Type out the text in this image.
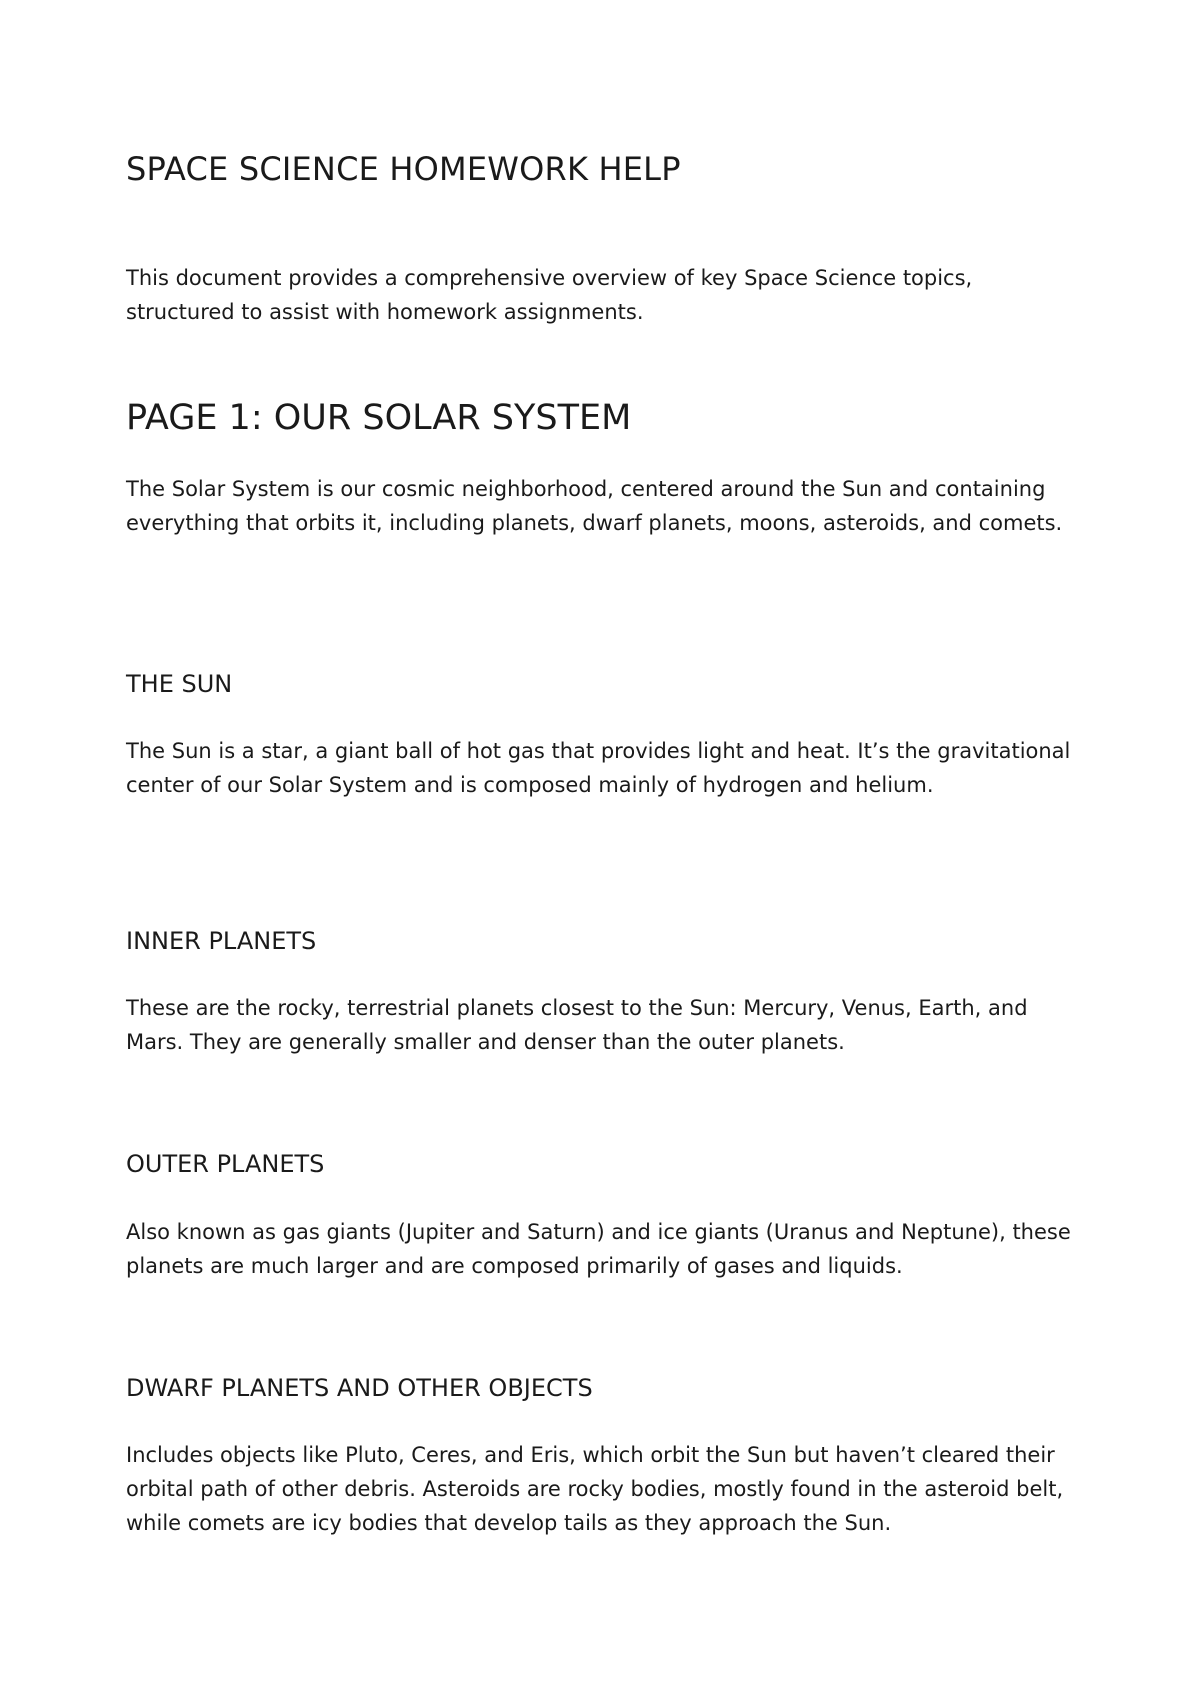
SPACE SCIENCE HOMEWORK HELP

This document provides a comprehensive overview of key Space Science topics, structured to assist with homework assignments.

PAGE 1: OUR SOLAR SYSTEM

The Solar System is our cosmic neighborhood, centered around the Sun and containing everything that orbits it, including planets, dwarf planets, moons, asteroids, and comets.

THE SUN

The Sun is a star, a giant ball of hot gas that provides light and heat. It’s the gravitational center of our Solar System and is composed mainly of hydrogen and helium.

INNER PLANETS

These are the rocky, terrestrial planets closest to the Sun: Mercury, Venus, Earth, and Mars. They are generally smaller and denser than the outer planets.

OUTER PLANETS

Also known as gas giants (Jupiter and Saturn) and ice giants (Uranus and Neptune), these planets are much larger and are composed primarily of gases and liquids.

DWARF PLANETS AND OTHER OBJECTS

Includes objects like Pluto, Ceres, and Eris, which orbit the Sun but haven’t cleared their orbital path of other debris. Asteroids are rocky bodies, mostly found in the asteroid belt, while comets are icy bodies that develop tails as they approach the Sun.
